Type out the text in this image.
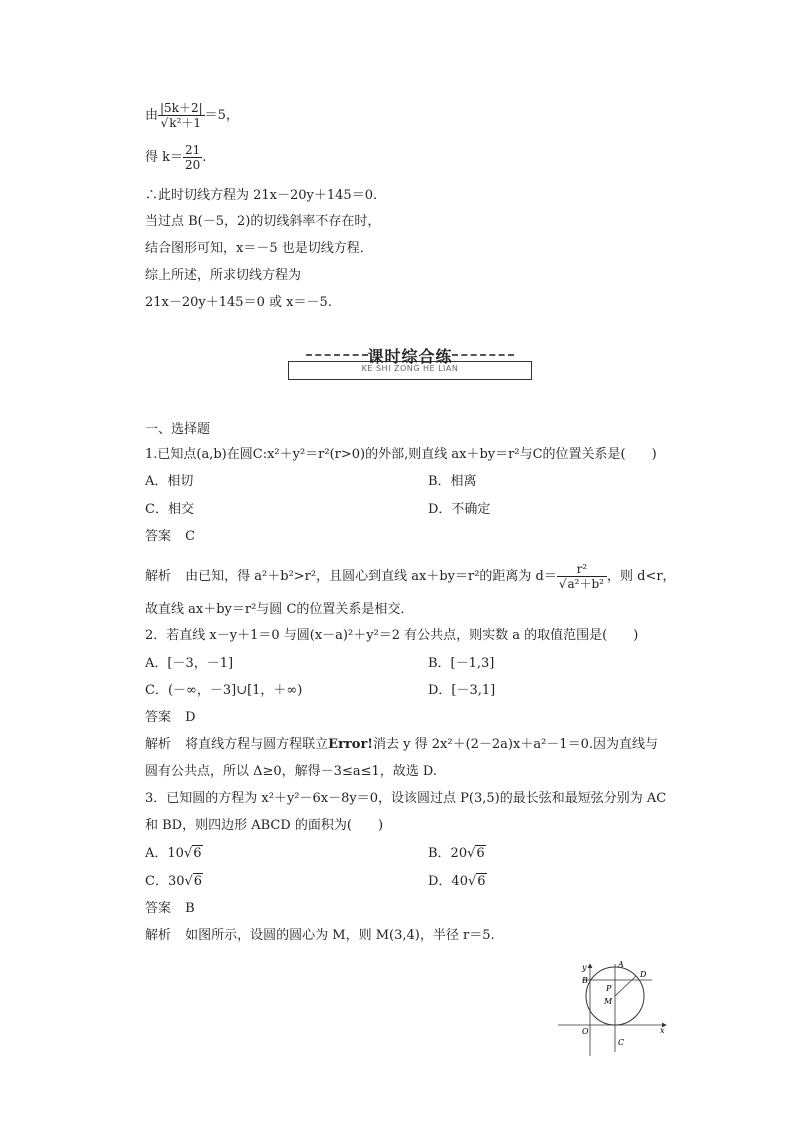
由 $\frac{|5k+2|}{\text{√k²＋1}} =5$，
得 $k= \frac{21}{20}$ .
∴此时切线方程为 21x－20y＋145＝0.
当过点 B(－5，2)的切线斜率不存在时，
结合图形可知，x＝－5 也是切线方程．
综上所述，所求切线方程为
21x－20y＋145＝0 或 x＝－5.
课时综合练
KE SHI ZONG HE LIAN
一、选择题
1.已知点(a,b)在圆C:x²＋y²＝r²(r>0)的外部,则直线 ax＋by＝r²与C的位置关系是(　　)
A．相切	B．相离
C．相交	D．不确定
答案 C
解析 由已知，得 a²＋b²>r²，且圆心到直线 ax＋by＝r²的距离为 $d= \frac{\text{r²}}{\text{√a²＋b²}}$ ，则 d<r，
故直线 ax＋by＝r²与圆 C的位置关系是相交．
2．若直线 x－y＋1＝0 与圆(x－a)²＋y²＝2 有公共点，则实数 a 的取值范围是(　　)
A．[－3，－1]	B．[－1,3]
C．(－∞，－3]∪[1，＋∞)	D．[－3,1]
答案 D
解析 将直线方程与圆方程联立Error!消去 y 得 2x²＋(2－2a)x＋a²－1＝0.因为直线与
圆有公共点，所以 Δ≥0，解得－3≤a≤1，故选 D.
3．已知圆的方程为 x²＋y²－6x－8y＝0，设该圆过点 P(3,5)的最长弦和最短弦分别为 AC
和 BD，则四边形 ABCD 的面积为(　　)
A．10√6	B．20√6
C．30√6	D．40√6
答案 B
解析 如图所示，设圆的圆心为 M，则 M(3,4)，半径 r＝5.
y
x
O
A
B
C
D
P
M
